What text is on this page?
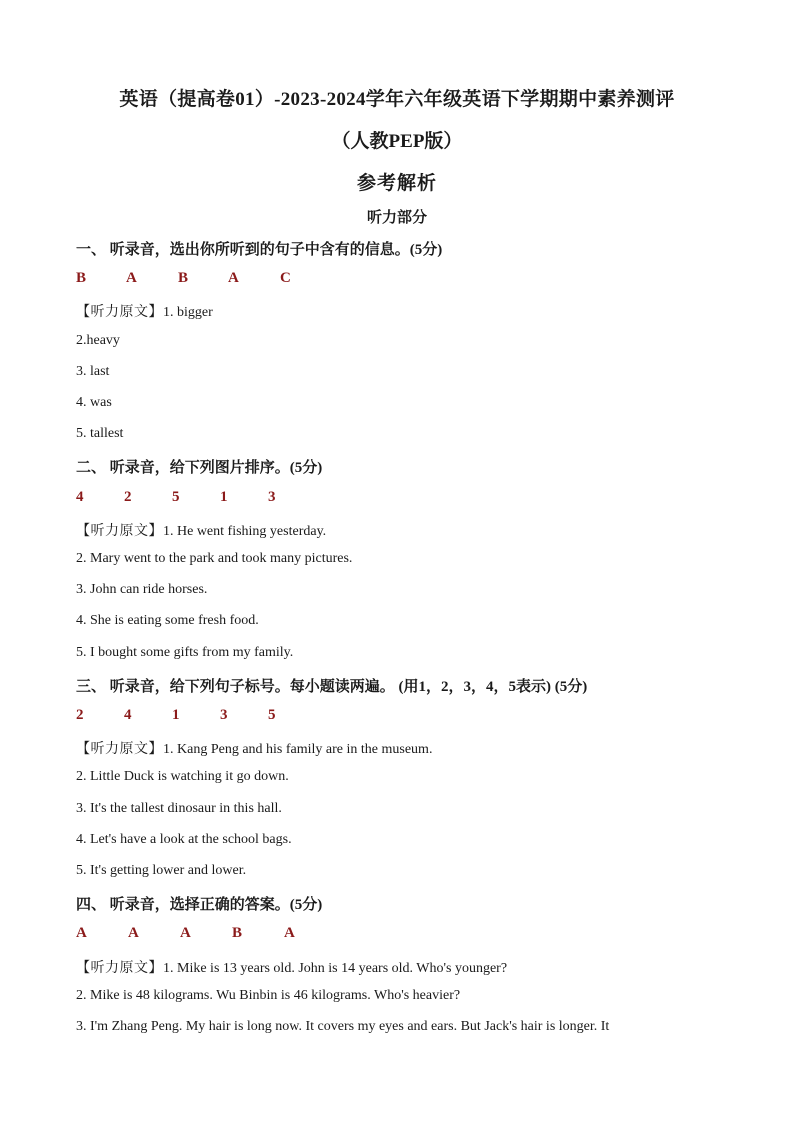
英语（提高卷01）-2023-2024学年六年级英语下学期期中素养测评
（人教PEP版）
参考解析
听力部分
一、 听录音，选出你所听到的句子中含有的信息。(5分)
B	A	B	A	C
【听力原文】1. bigger
2.heavy
3. last
4. was
5. tallest
二、 听录音，给下列图片排序。(5分)
4	2	5	1	3
【听力原文】1. He went fishing yesterday.
2. Mary went to the park and took many pictures.
3. John can ride horses.
4. She is eating some fresh food.
5. I bought some gifts from my family.
三、 听录音，给下列句子标号。每小题读两遍。 (用1，2，3，4，5表示) (5分)
2	4	1	3	5
【听力原文】1. Kang Peng and his family are in the museum.
2. Little Duck is watching it go down.
3. It's the tallest dinosaur in this hall.
4. Let's have a look at the school bags.
5. It's getting lower and lower.
四、 听录音，选择正确的答案。(5分)
A	A	A	B	A
【听力原文】1. Mike is 13 years old. John is 14 years old. Who's younger?
2. Mike is 48 kilograms. Wu Binbin is 46 kilograms. Who's heavier?
3. I'm Zhang Peng. My hair is long now. It covers my eyes and ears. But Jack's hair is longer. It
